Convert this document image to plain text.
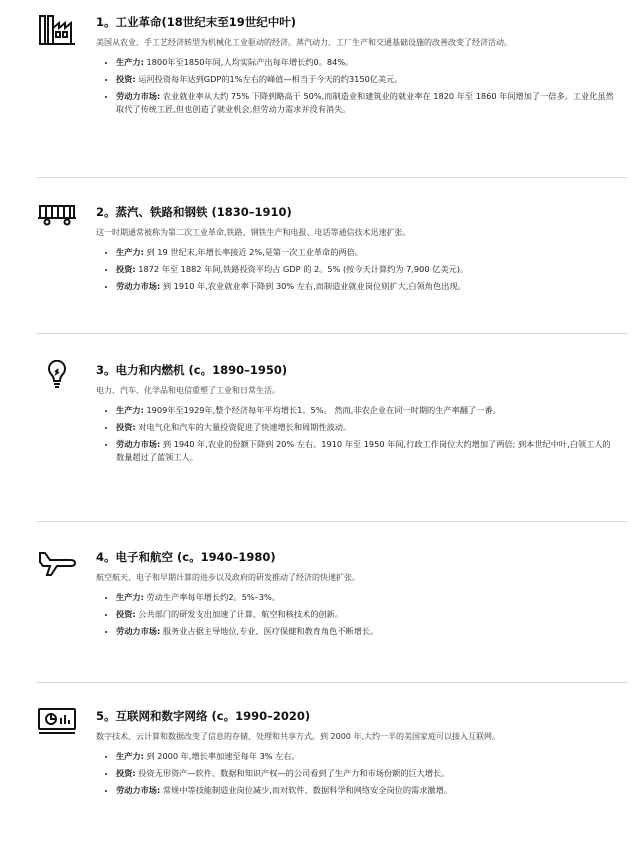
1。工业革命(18世纪末至19世纪中叶)

美国从农业、手工艺经济转型为机械化工业驱动的经济。蒸汽动力、工厂生产和交通基础设施的改善改变了经济活动。

• 生产力: 1800年至1850年间,人均实际产出每年增长约0。84%。
• 投资: 运河投资每年达到GDP的1%左右的峰值—相当于今天的约3150亿美元。
• 劳动力市场: 农业就业率从大约 75% 下降到略高于 50%,而制造业和建筑业的就业率在 1820 年至 1860 年间增加了一倍多。工业化虽然取代了传统工匠,但也创造了就业机会,但劳动力需求并没有消失。

2。蒸汽、铁路和钢铁 (1830–1910)

这一时期通常被称为第二次工业革命,铁路、钢铁生产和电报、电话等通信技术迅速扩张。

• 生产力: 到 19 世纪末,年增长率接近 2%,是第一次工业革命的两倍。
• 投资: 1872 年至 1882 年间,铁路投资平均占 GDP 的 2。5% (按今天计算约为 7,900 亿美元)。
• 劳动力市场: 到 1910 年,农业就业率下降到 30% 左右,而制造业就业岗位则扩大,白领角色出现。

3。电力和内燃机 (c。1890–1950)

电力、汽车、化学品和电信重塑了工业和日常生活。

• 生产力: 1909年至1929年,整个经济每年平均增长1。5%。 然而,非农企业在同一时期的生产率翻了一番。
• 投资: 对电气化和汽车的大量投资促进了快速增长和周期性波动。
• 劳动力市场: 到 1940 年,农业的份额下降到 20% 左右。1910 年至 1950 年间,行政工作岗位大约增加了两倍; 到本世纪中叶,白领工人的数量超过了蓝领工人。

4。电子和航空 (c。1940–1980)

航空航天、电子和早期计算的进步以及政府的研发推动了经济的快速扩张。

• 生产力: 劳动生产率每年增长约2。5%–3%。
• 投资: 公共部门的研发支出加速了计算、航空和核技术的创新。
• 劳动力市场: 服务业占据主导地位,专业、医疗保健和教育角色不断增长。

5。互联网和数字网络 (c。1990–2020)

数字技术、云计算和数据改变了信息的存储、处理和共享方式。到 2000 年,大约一半的美国家庭可以接入互联网。

• 生产力: 到 2000 年,增长率加速至每年 3% 左右。
• 投资: 投资无形资产—软件、数据和知识产权—的公司看到了生产力和市场份额的巨大增长。
• 劳动力市场: 常规中等技能制造业岗位减少,而对软件、数据科学和网络安全岗位的需求激增。
